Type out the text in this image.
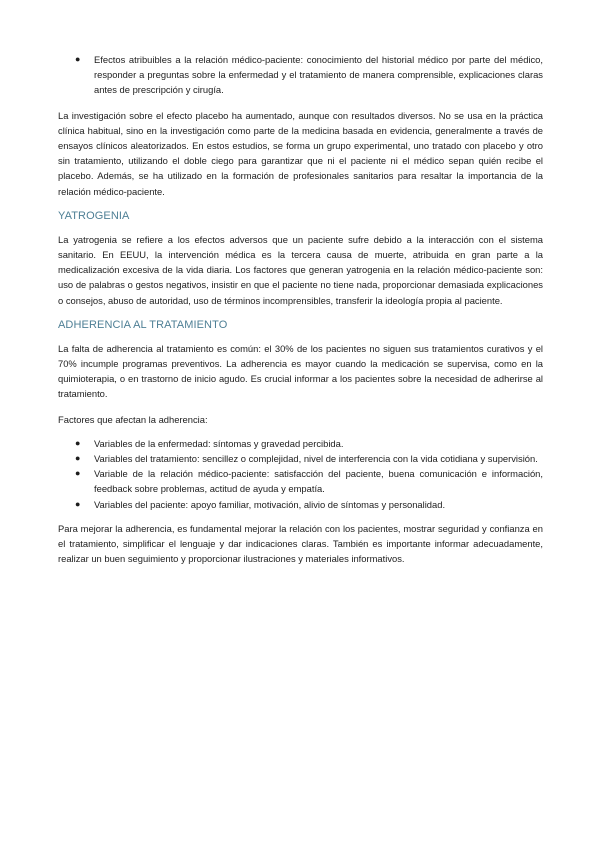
● Efectos atribuibles a la relación médico-paciente: conocimiento del historial médico por parte del médico, responder a preguntas sobre la enfermedad y el tratamiento de manera comprensible, explicaciones claras antes de prescripción y cirugía.

La investigación sobre el efecto placebo ha aumentado, aunque con resultados diversos. No se usa en la práctica clínica habitual, sino en la investigación como parte de la medicina basada en evidencia, generalmente a través de ensayos clínicos aleatorizados. En estos estudios, se forma un grupo experimental, uno tratado con placebo y otro sin tratamiento, utilizando el doble ciego para garantizar que ni el paciente ni el médico sepan quién recibe el placebo. Además, se ha utilizado en la formación de profesionales sanitarios para resaltar la importancia de la relación médico-paciente.

YATROGENIA

La yatrogenia se refiere a los efectos adversos que un paciente sufre debido a la interacción con el sistema sanitario. En EEUU, la intervención médica es la tercera causa de muerte, atribuida en gran parte a la medicalización excesiva de la vida diaria. Los factores que generan yatrogenia en la relación médico-paciente son: uso de palabras o gestos negativos, insistir en que el paciente no tiene nada, proporcionar demasiada explicaciones o consejos, abuso de autoridad, uso de términos incomprensibles, transferir la ideología propia al paciente.

ADHERENCIA AL TRATAMIENTO

La falta de adherencia al tratamiento es común: el 30% de los pacientes no siguen sus tratamientos curativos y el 70% incumple programas preventivos. La adherencia es mayor cuando la medicación se supervisa, como en la quimioterapia, o en trastorno de inicio agudo. Es crucial informar a los pacientes sobre la necesidad de adherirse al tratamiento.

Factores que afectan la adherencia:

● Variables de la enfermedad: síntomas y gravedad percibida.
● Variables del tratamiento: sencillez o complejidad, nivel de interferencia con la vida cotidiana y supervisión.
● Variable de la relación médico-paciente: satisfacción del paciente, buena comunicación e información, feedback sobre problemas, actitud de ayuda y empatía.
● Variables del paciente: apoyo familiar, motivación, alivio de síntomas y personalidad.

Para mejorar la adherencia, es fundamental mejorar la relación con los pacientes, mostrar seguridad y confianza en el tratamiento, simplificar el lenguaje y dar indicaciones claras. También es importante informar adecuadamente, realizar un buen seguimiento y proporcionar ilustraciones y materiales informativos.
